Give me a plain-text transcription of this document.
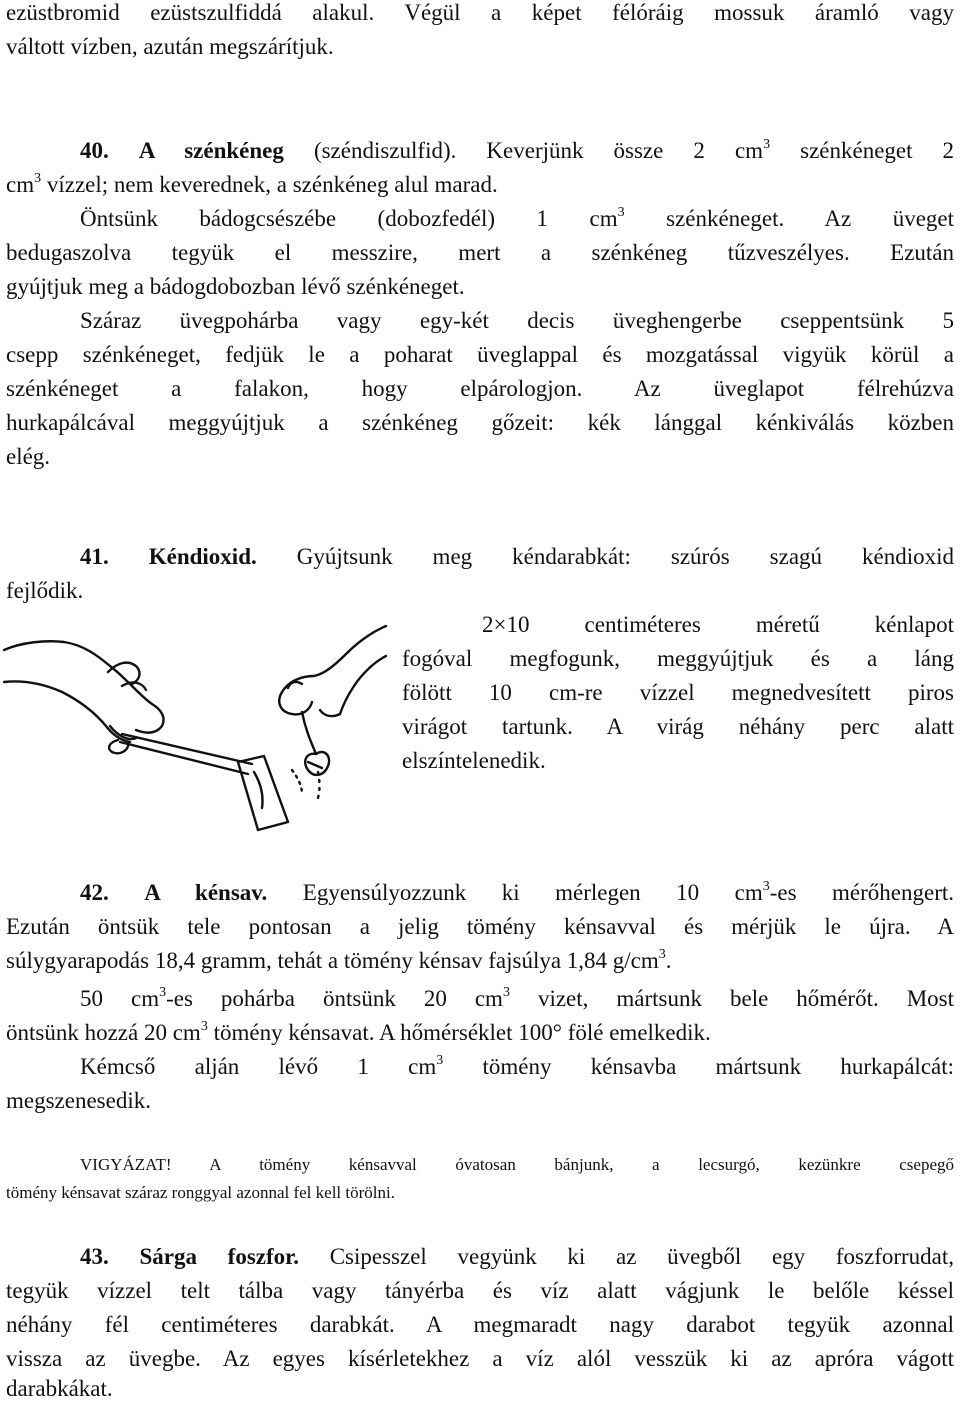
ezüstbromid ezüstszulfiddá alakul. Végül a képet félóráig mossuk áramló vagy
váltott vízben, azután megszárítjuk.
40. A szénkéneg (széndiszulfid). Keverjünk össze 2 $cm^3$ szénkéneget 2
$cm^3$ vízzel; nem keverednek, a szénkéneg alul marad.
Öntsünk bádogcsészébe (dobozfedél) 1 $cm^3$ szénkéneget. Az üveget
bedugaszolva tegyük el messzire, mert a szénkéneg tűzveszélyes. Ezután
gyújtjuk meg a bádogdobozban lévő szénkéneget.
Száraz üvegpohárba vagy egy-két decis üveghengerbe cseppentsünk 5
csepp szénkéneget, fedjük le a poharat üveglappal és mozgatással vigyük körül a
szénkéneget a falakon, hogy elpárologjon. Az üveglapot félrehúzva
hurkapálcával meggyújtjuk a szénkéneg gőzeit: kék lánggal kénkiválás közben
elég.
41. Kéndioxid. Gyújtsunk meg kéndarabkát: szúrós szagú kéndioxid
fejlődik.
2×10 centiméteres méretű kénlapot
fogóval megfogunk, meggyújtjuk és a láng
fölött 10 cm-re vízzel megnedvesített piros
virágot tartunk. A virág néhány perc alatt
elszíntelenedik.
42. A kénsav. Egyensúlyozzunk ki mérlegen 10 $cm^3-es$ mérőhengert.
Ezután öntsük tele pontosan a jelig tömény kénsavval és mérjük le újra. A
súlygyarapodás 18,4 gramm, tehát a tömény kénsav fajsúlya 1,84 $g/cm^3$.
50 $cm^3-es$ pohárba öntsünk 20 $cm^3$ vizet, mártsunk bele hőmérőt. Most
öntsünk hozzá 20 $cm^3$ tömény kénsavat. A hőmérséklet 100° fölé emelkedik.
Kémcső alján lévő 1 $cm^3$ tömény kénsavba mártsunk hurkapálcát:
megszenesedik.
VIGYÁZAT! A tömény kénsavval óvatosan bánjunk, a lecsurgó, kezünkre csepegő
tömény kénsavat száraz ronggyal azonnal fel kell törölni.
43. Sárga foszfor. Csipesszel vegyünk ki az üvegből egy foszforrudat,
tegyük vízzel telt tálba vagy tányérba és víz alatt vágjunk le belőle késsel
néhány fél centiméteres darabkát. A megmaradt nagy darabot tegyük azonnal
vissza az üvegbe. Az egyes kísérletekhez a víz alól vesszük ki az apróra vágott
darabkákat.
